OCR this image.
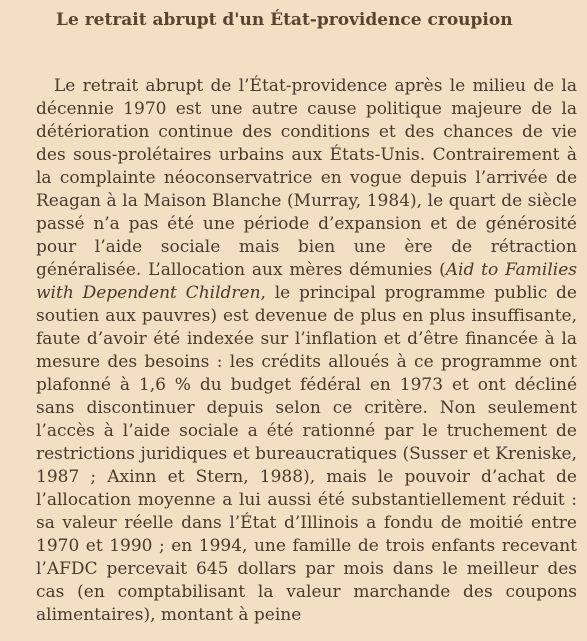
Le retrait abrupt d'un État-providence croupion

Le retrait abrupt de l’État-providence après le milieu de la décennie 1970 est une autre cause politique majeure de la détérioration continue des conditions et des chances de vie des sous-prolétaires urbains aux États-Unis. Contrairement à la complainte néoconservatrice en vogue depuis l’arrivée de Reagan à la Maison Blanche (Murray, 1984), le quart de siècle passé n’a pas été une période d’expansion et de générosité pour l’aide sociale mais bien une ère de rétraction généralisée. L’allocation aux mères démunies (Aid to Families with Dependent Children, le principal programme public de soutien aux pauvres) est devenue de plus en plus insuffisante, faute d’avoir été indexée sur l’inflation et d’être financée à la mesure des besoins : les crédits alloués à ce programme ont plafonné à 1,6 % du budget fédéral en 1973 et ont décliné sans discontinuer depuis selon ce critère. Non seulement l’accès à l’aide sociale a été rationné par le truchement de restrictions juridiques et bureaucratiques (Susser et Kreniske, 1987 ; Axinn et Stern, 1988), mais le pouvoir d’achat de l’allocation moyenne a lui aussi été substantiellement réduit : sa valeur réelle dans l’État d’Illinois a fondu de moitié entre 1970 et 1990 ; en 1994, une famille de trois enfants recevant l’AFDC percevait 645 dollars par mois dans le meilleur des cas (en comptabilisant la valeur marchande des coupons alimentaires), montant à peine
